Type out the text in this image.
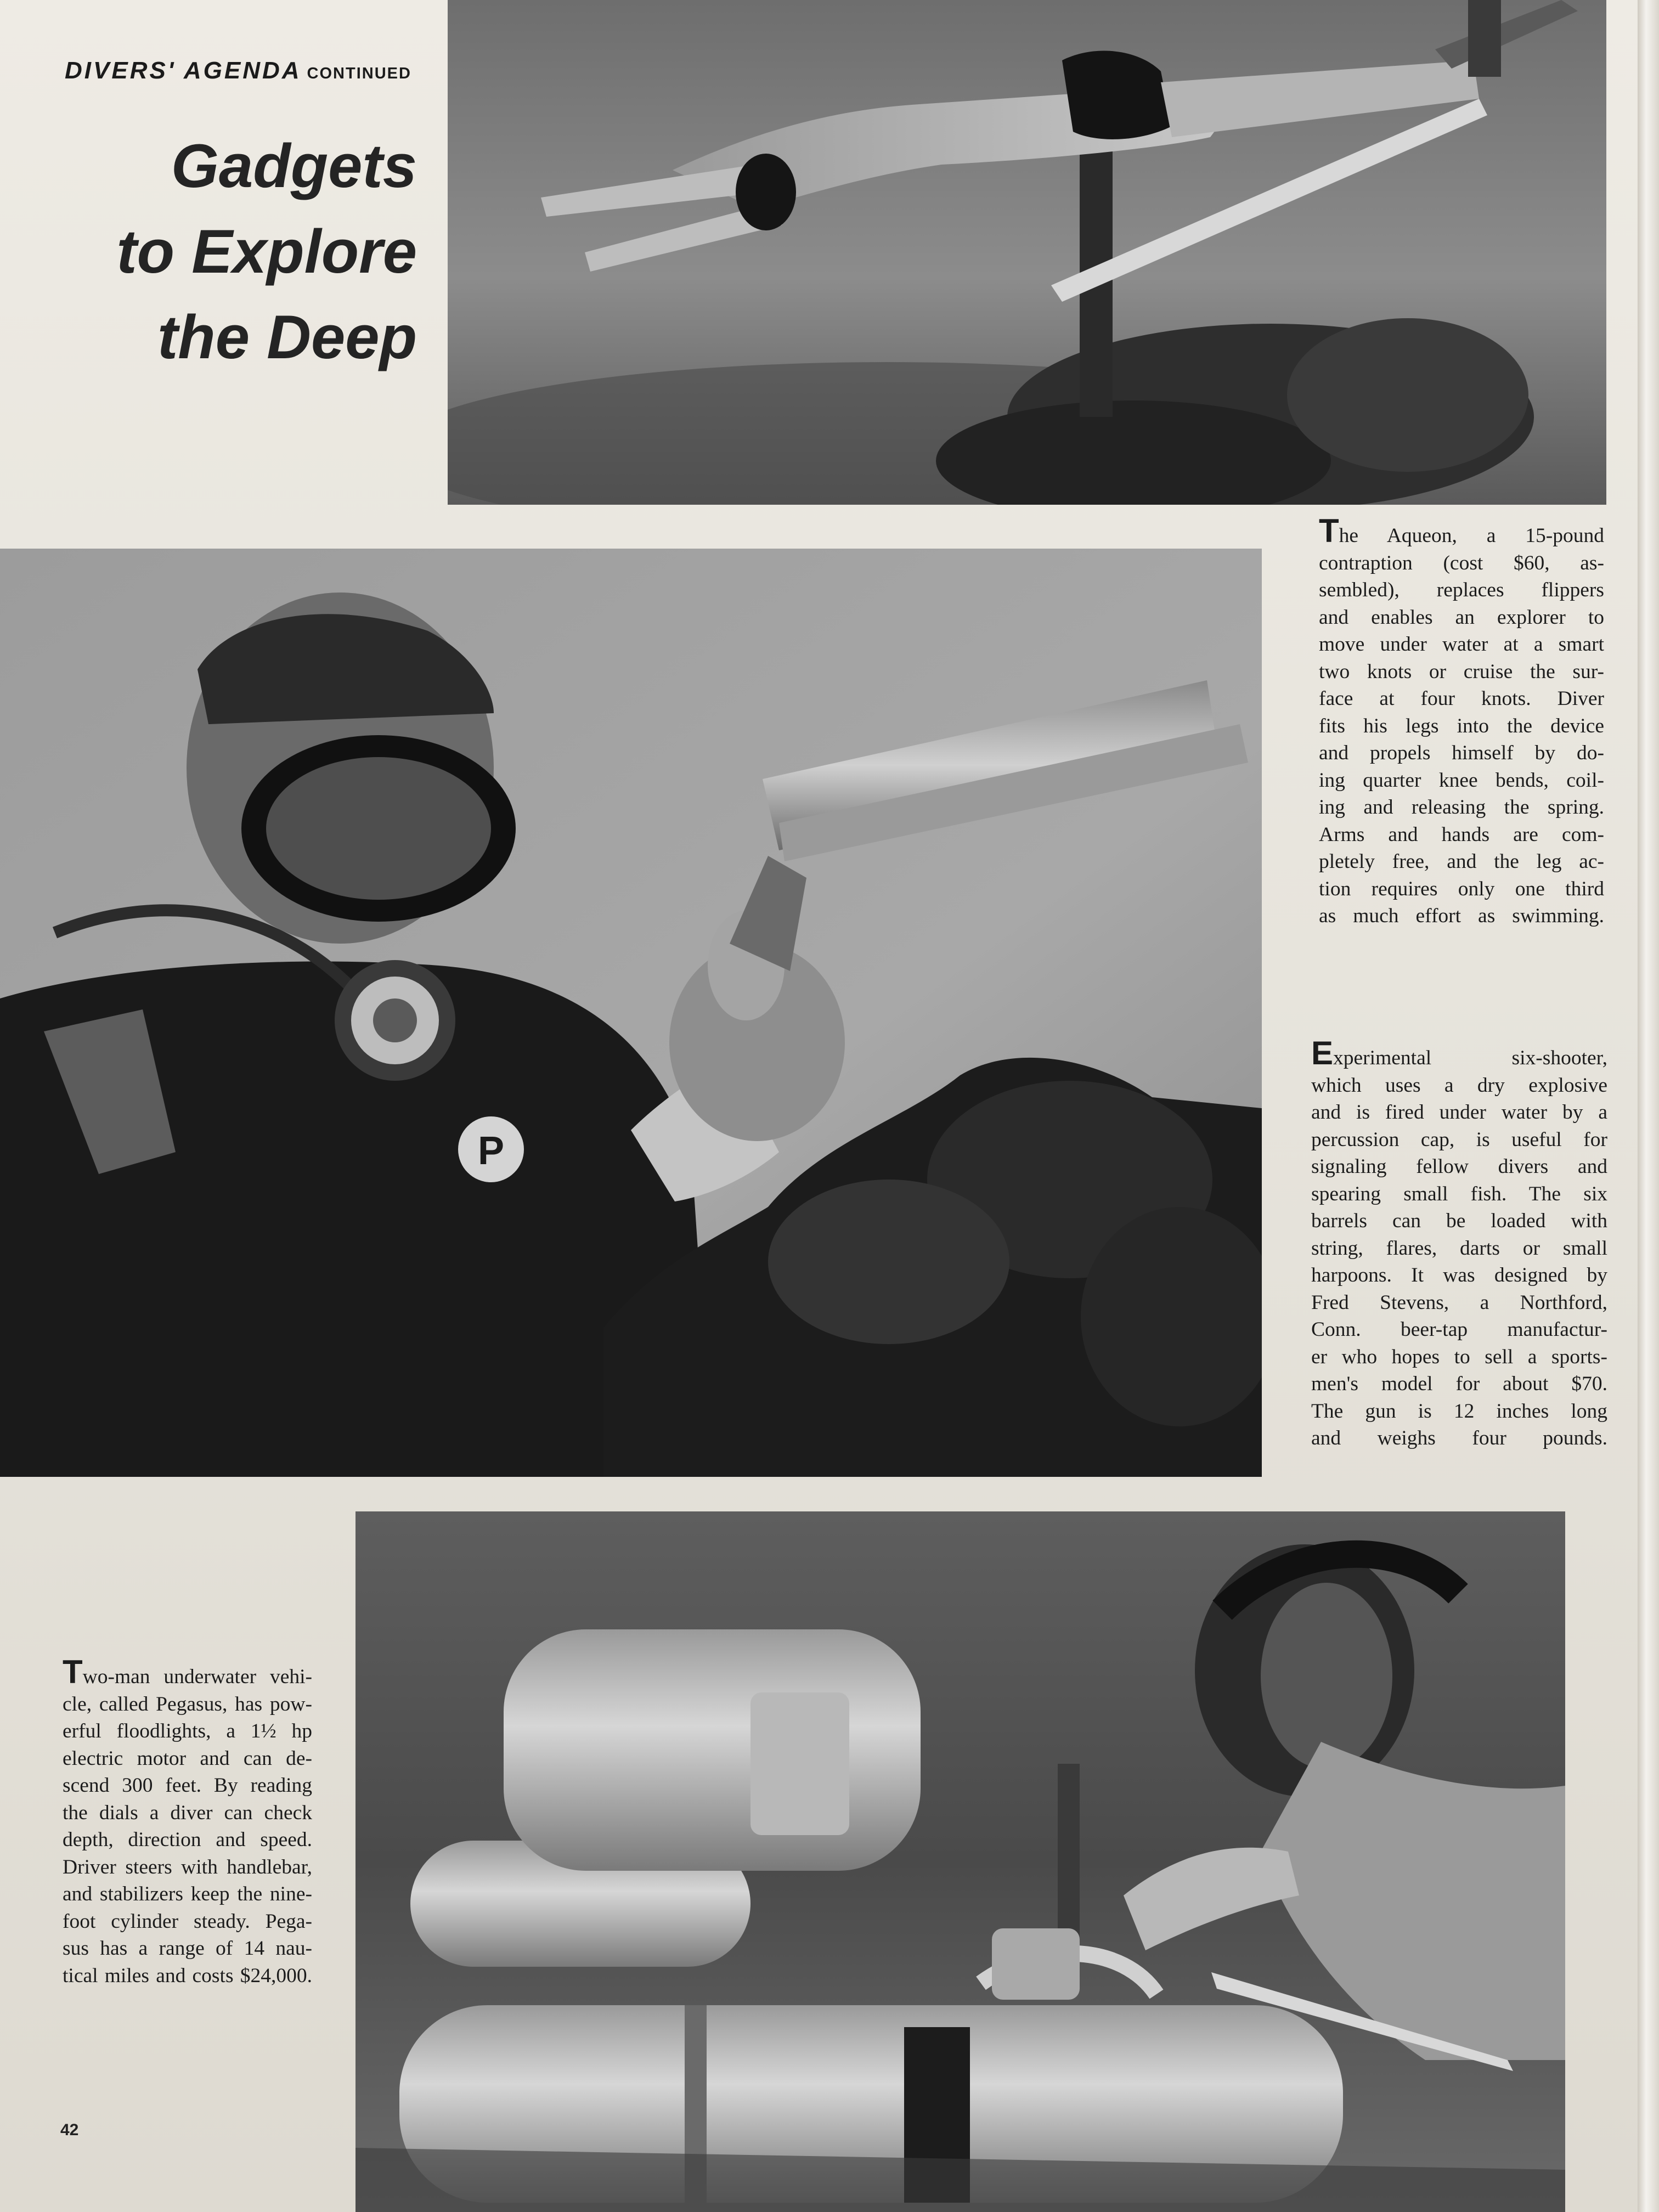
DIVERS' AGENDA CONTINUED
Gadgets
to Explore
the Deep
P

The Aqueon, a 15-pound

contraption (cost $60, as-

sembled), replaces flippers

and enables an explorer to

move under water at a smart

two knots or cruise the sur-

face at four knots. Diver

fits his legs into the device

and propels himself by do-

ing quarter knee bends, coil-

ing and releasing the spring.

Arms and hands are com-

pletely free, and the leg ac-

tion requires only one third

as much effort as swimming.

Experimental six-shooter,

which uses a dry explosive

and is fired under water by a

percussion cap, is useful for

signaling fellow divers and

spearing small fish. The six

barrels can be loaded with

string, flares, darts or small

harpoons. It was designed by

Fred Stevens, a Northford,

Conn. beer-tap manufactur-

er who hopes to sell a sports-

men's model for about $70.

The gun is 12 inches long

and weighs four pounds.

Two-man underwater vehi-

cle, called Pegasus, has pow-

erful floodlights, a 1½ hp

electric motor and can de-

scend 300 feet. By reading

the dials a diver can check

depth, direction and speed.

Driver steers with handlebar,

and stabilizers keep the nine-

foot cylinder steady. Pega-

sus has a range of 14 nau-

tical miles and costs $24,000.

42
